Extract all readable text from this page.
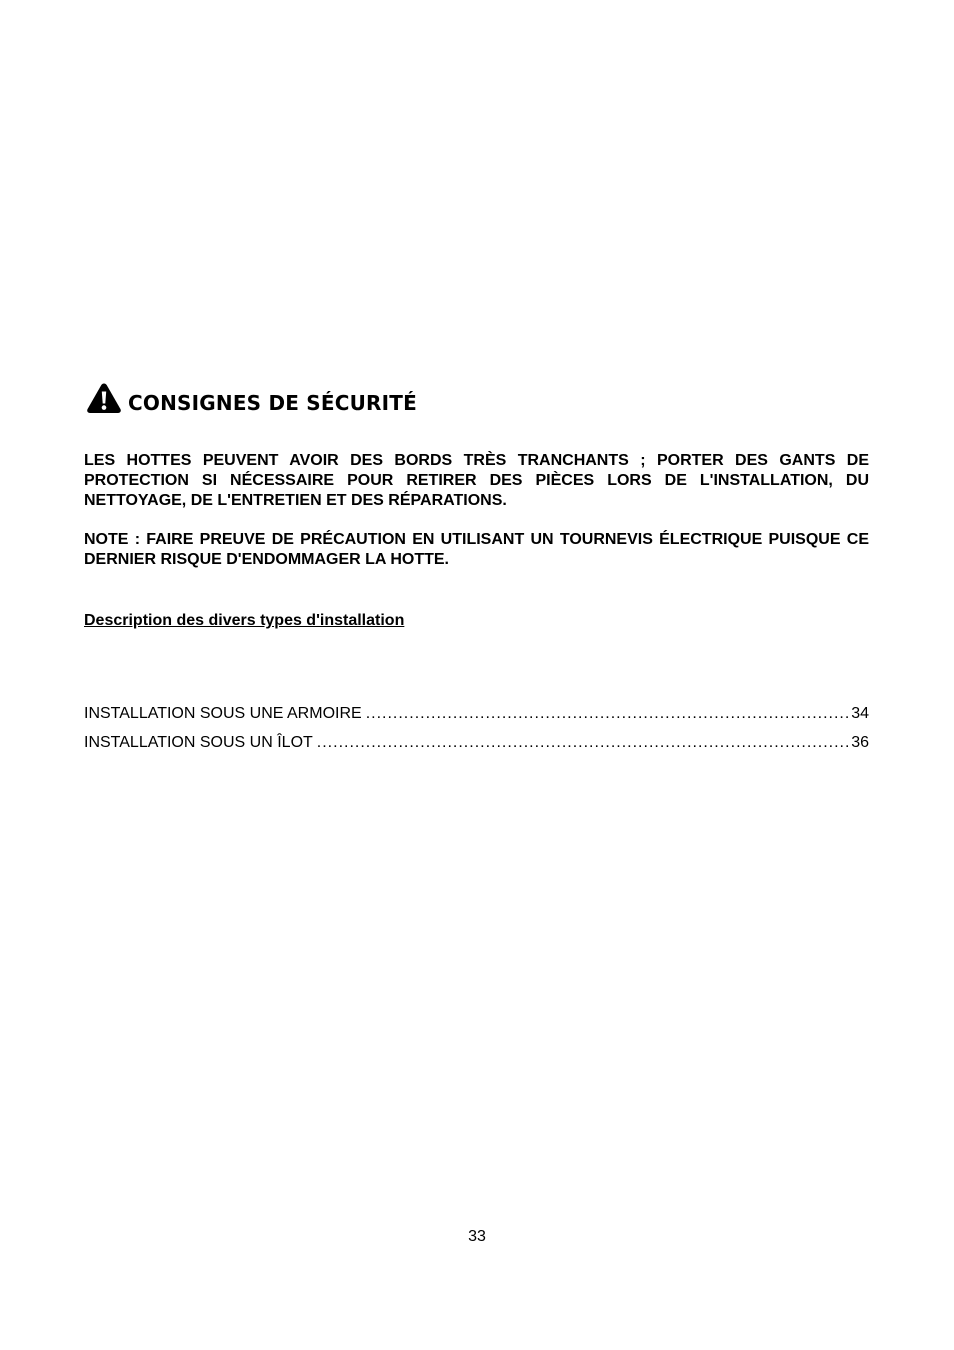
CONSIGNES DE SÉCURITÉ
LES HOTTES PEUVENT AVOIR DES BORDS TRÈS TRANCHANTS ; PORTER DES GANTS DE PROTECTION SI NÉCESSAIRE POUR RETIRER DES PIÈCES LORS DE L'INSTALLATION, DU NETTOYAGE, DE L'ENTRETIEN ET DES RÉPARATIONS.
NOTE : FAIRE PREUVE DE PRÉCAUTION EN UTILISANT UN TOURNEVIS ÉLECTRIQUE PUISQUE CE DERNIER RISQUE D'ENDOMMAGER LA HOTTE.
Description des divers types d'installation
INSTALLATION SOUS UNE ARMOIRE .....	34
INSTALLATION SOUS UN ÎLOT .....	36
33
